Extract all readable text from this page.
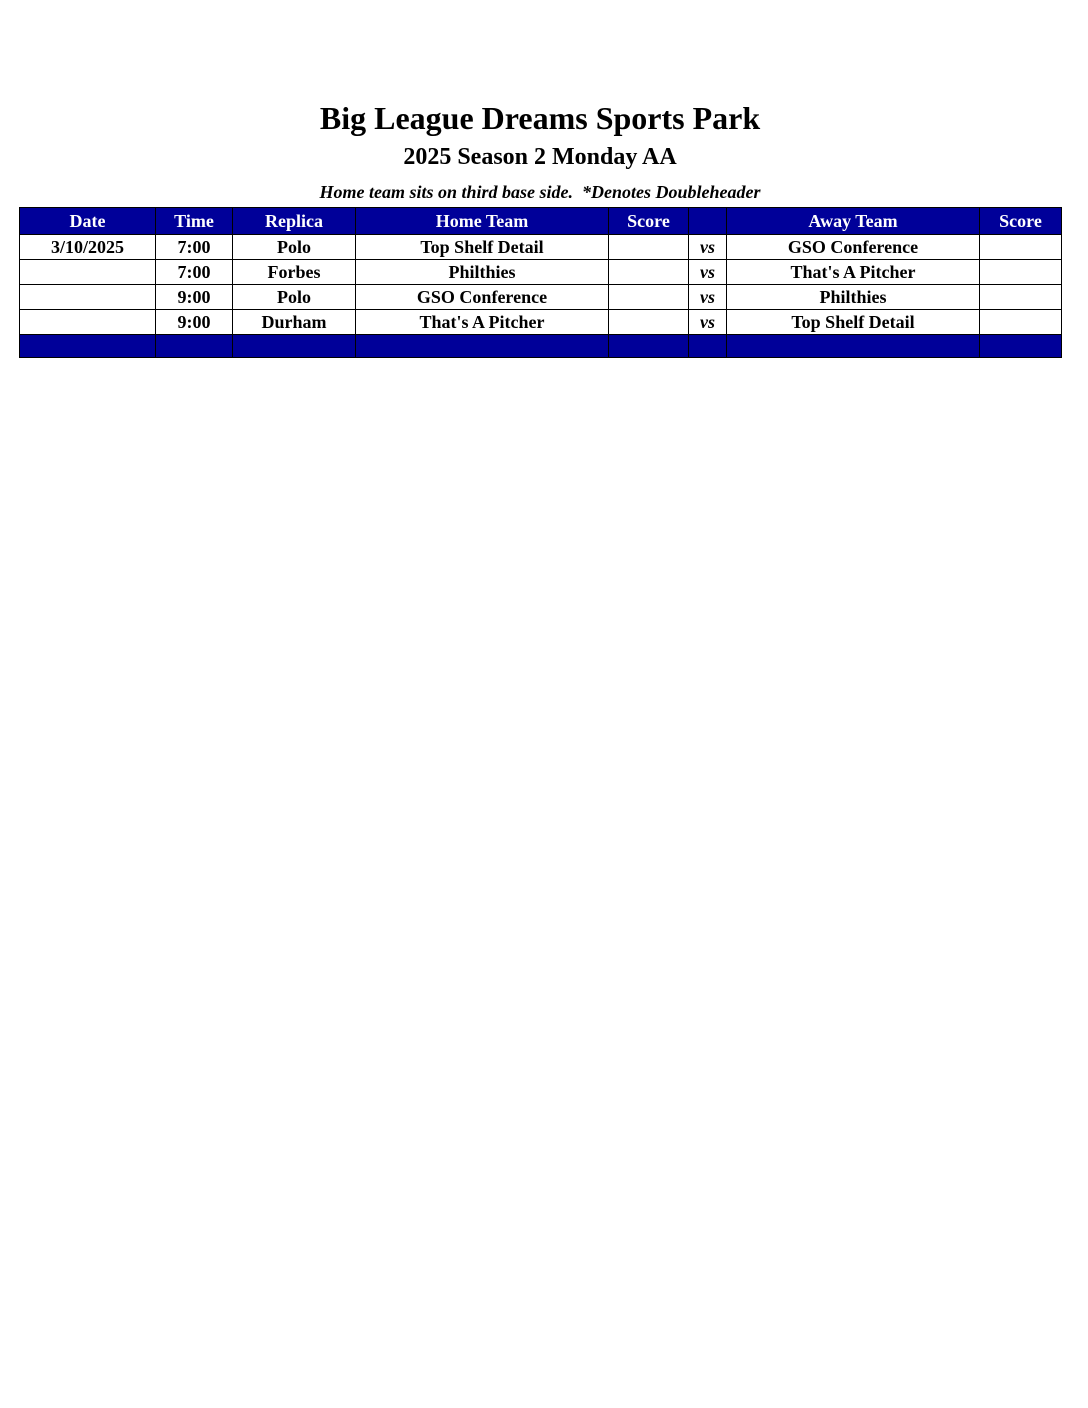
Big League Dreams Sports Park
2025 Season 2 Monday AA
Home team sits on third base side.  *Denotes Doubleheader
Date	Time	Replica	Home Team	Score		Away Team	Score
3/10/2025	7:00	Polo	Top Shelf Detail		vs	GSO Conference	
	7:00	Forbes	Philthies		vs	That's A Pitcher	
	9:00	Polo	GSO Conference		vs	Philthies	
	9:00	Durham	That's A Pitcher		vs	Top Shelf Detail	
